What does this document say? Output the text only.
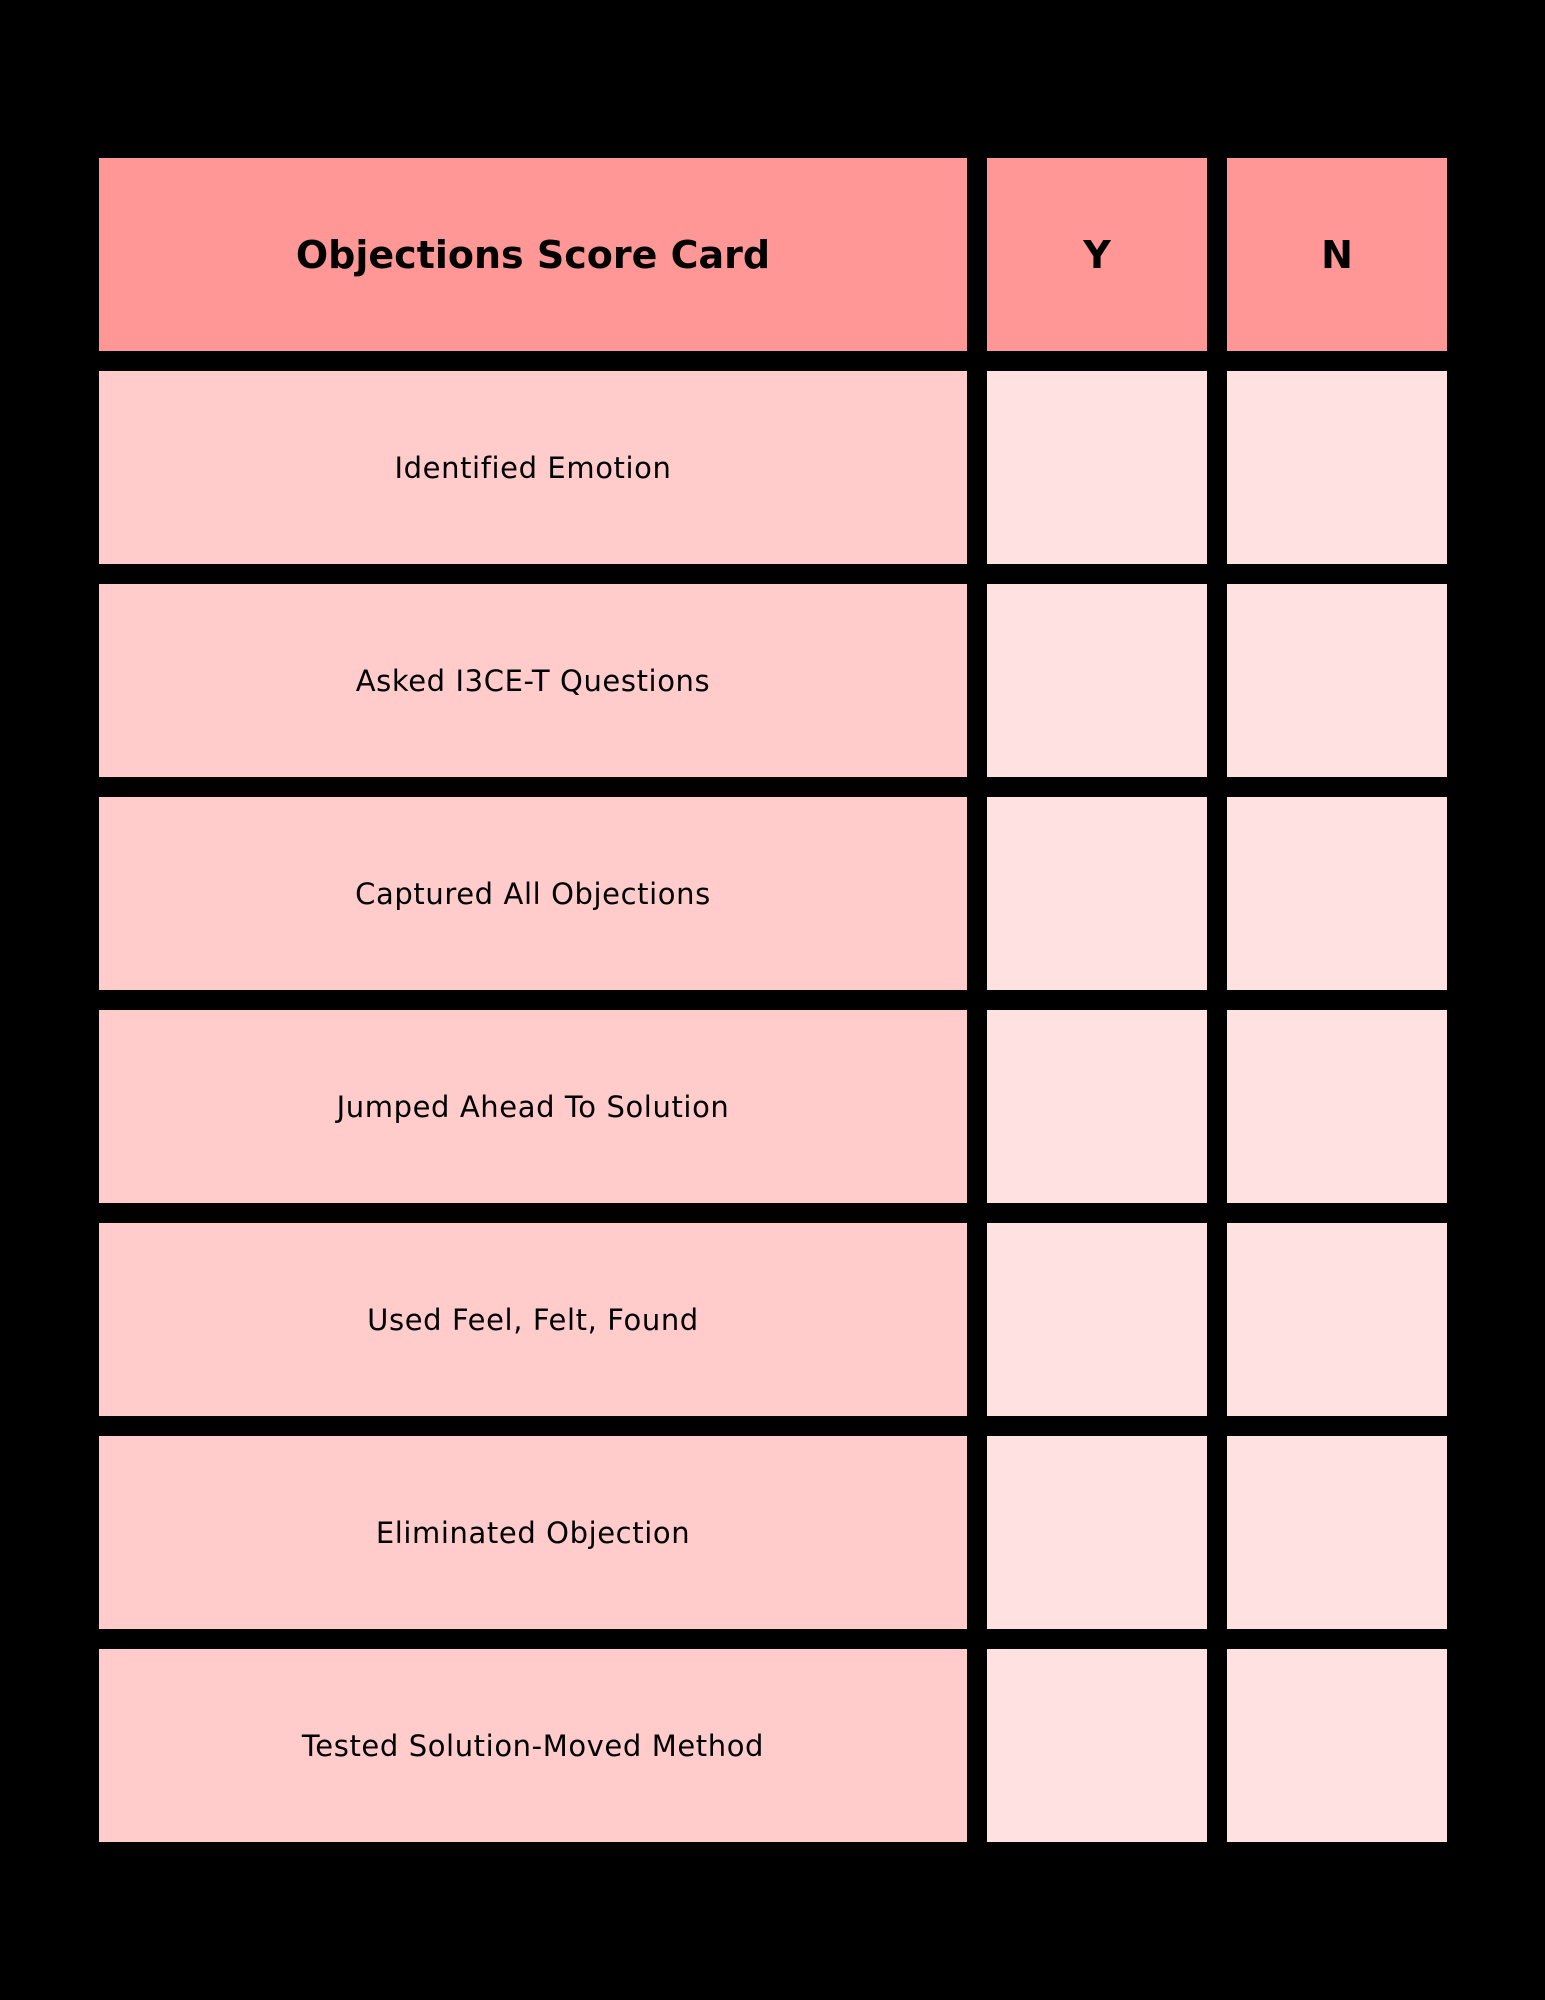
Objections Score Card	Y	N
Identified Emotion
Asked I3CE-T Questions
Captured All Objections
Jumped Ahead To Solution
Used Feel, Felt, Found
Eliminated Objection
Tested Solution-Moved Method
